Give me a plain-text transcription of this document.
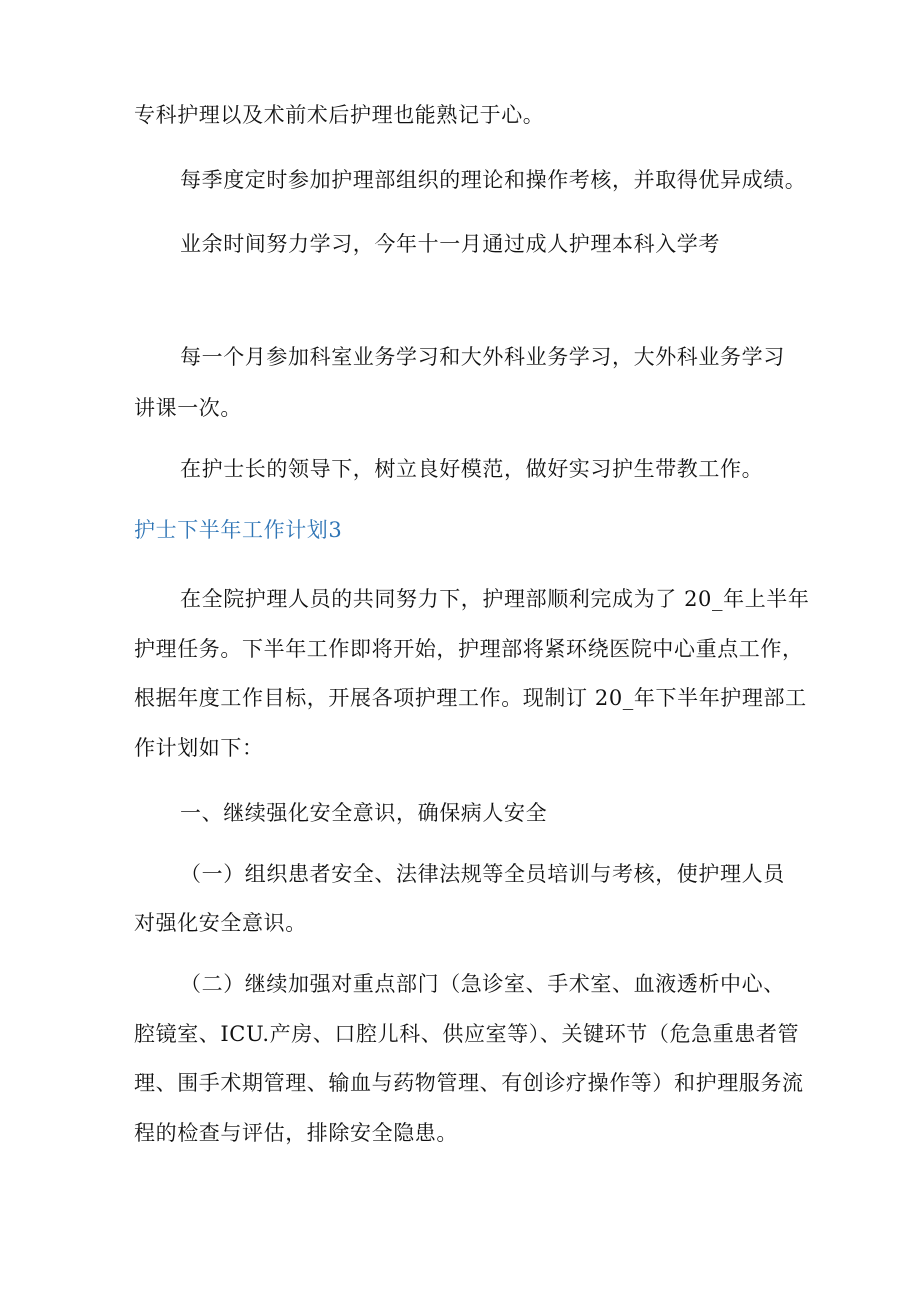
专科护理以及术前术后护理也能熟记于心。
每季度定时参加护理部组织的理论和操作考核，并取得优异成绩。
业余时间努力学习，今年十一月通过成人护理本科入学考
每一个月参加科室业务学习和大外科业务学习，大外科业务学习
讲课一次。
在护士长的领导下，树立良好模范，做好实习护生带教工作。
护士下半年工作计划3
在全院护理人员的共同努力下，护理部顺利完成为了 20_年上半年
护理任务。下半年工作即将开始，护理部将紧环绕医院中心重点工作，
根据年度工作目标，开展各项护理工作。现制订 20_年下半年护理部工
作计划如下：
一、继续强化安全意识，确保病人安全
（一）组织患者安全、法律法规等全员培训与考核，使护理人员
对强化安全意识。
（二）继续加强对重点部门（急诊室、手术室、血液透析中心、
腔镜室、ICU.产房、口腔儿科、供应室等）、关键环节（危急重患者管
理、围手术期管理、输血与药物管理、有创诊疗操作等）和护理服务流
程的检查与评估，排除安全隐患。
